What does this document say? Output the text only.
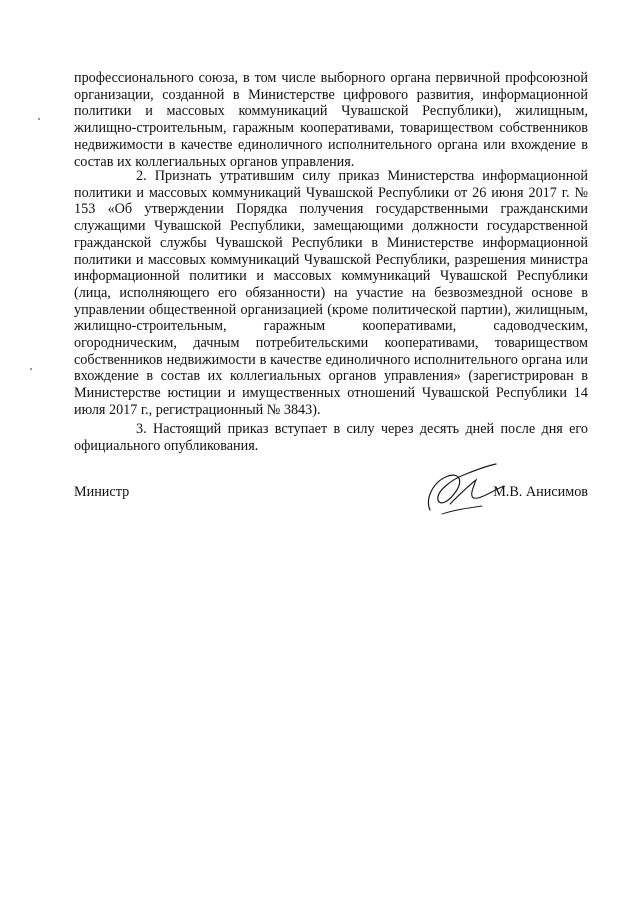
профессионального союза, в том числе выборного органа первичной профсоюзной организации, созданной в Министерстве цифрового развития, информационной политики и массовых коммуникаций Чувашской Республики), жилищным, жилищно-строительным, гаражным кооперативами, товариществом собственников недвижимости в качестве единоличного исполнительного органа или вхождение в состав их коллегиальных органов управления.
2. Признать утратившим силу приказ Министерства информационной политики и массовых коммуникаций Чувашской Республики от 26 июня 2017 г. № 153 «Об утверждении Порядка получения государственными гражданскими служащими Чувашской Республики, замещающими должности государственной гражданской службы Чувашской Республики в Министерстве информационной политики и массовых коммуникаций Чувашской Республики, разрешения министра информационной политики и массовых коммуникаций Чувашской Республики (лица, исполняющего его обязанности) на участие на безвозмездной основе в управлении общественной организацией (кроме политической партии), жилищным, жилищно-строительным, гаражным кооперативами, садоводческим, огородническим, дачным потребительскими кооперативами, товариществом собственников недвижимости в качестве единоличного исполнительного органа или вхождение в состав их коллегиальных органов управления» (зарегистрирован в Министерстве юстиции и имущественных отношений Чувашской Республики 14 июля 2017 г., регистрационный № 3843).
3. Настоящий приказ вступает в силу через десять дней после дня его официального опубликования.
Министр	М.В. Анисимов
